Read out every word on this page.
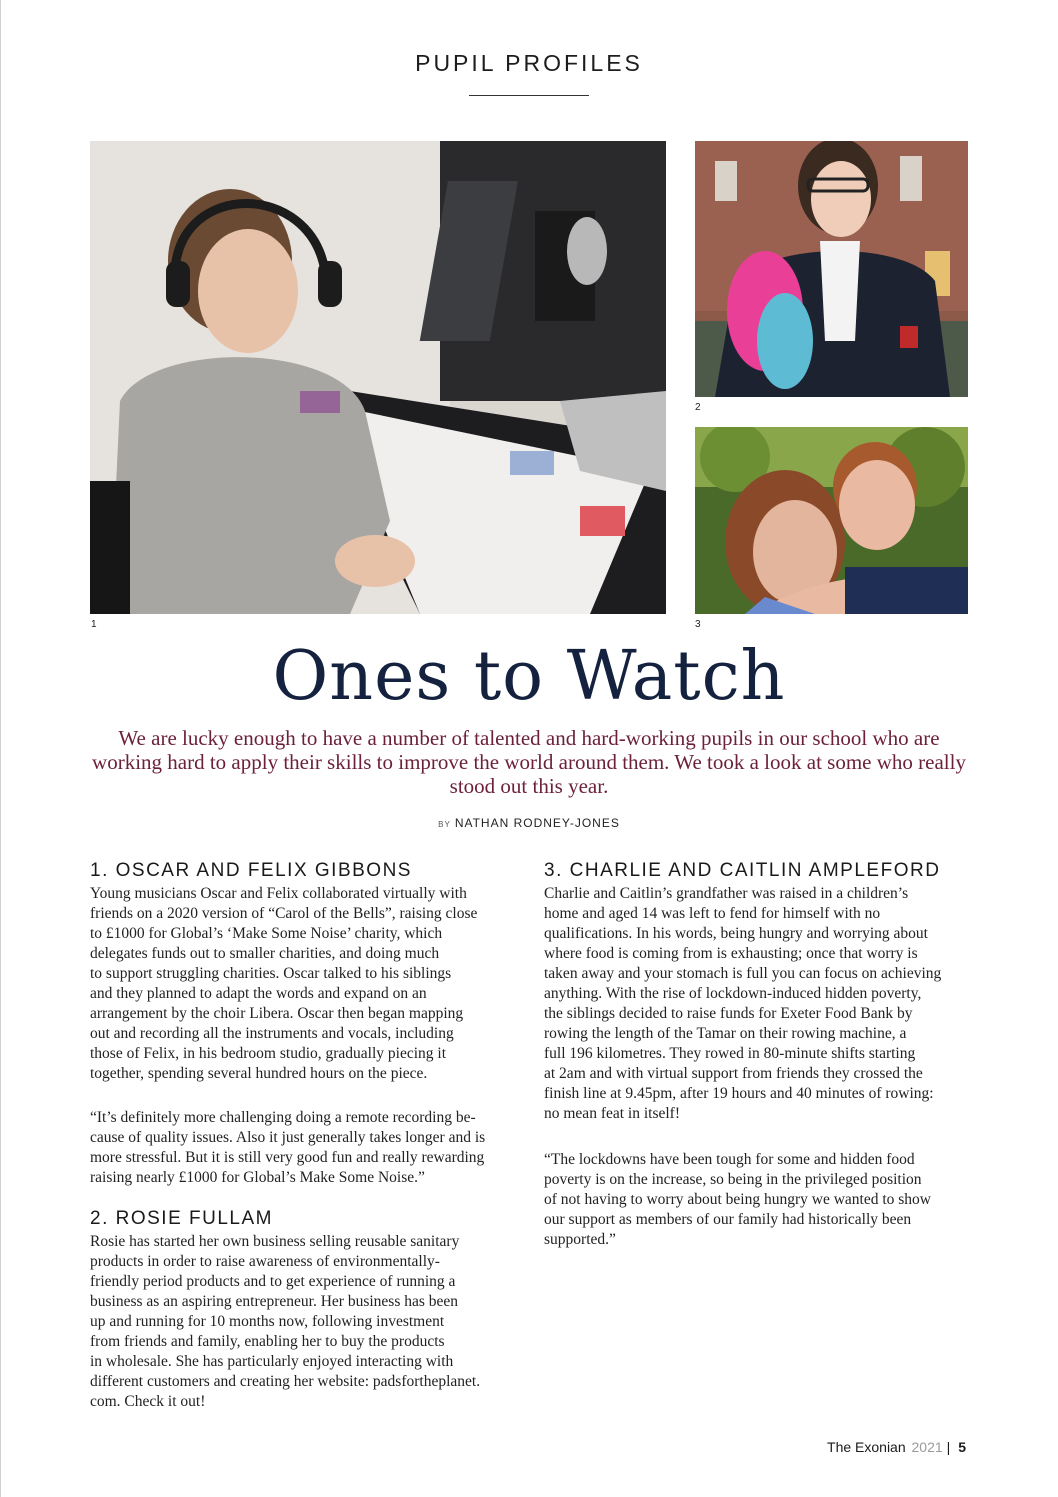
PUPIL PROFILES
1
2
3
Ones to Watch
We are lucky enough to have a number of talented and hard-working pupils in our school who are working hard to apply their skills to improve the world around them. We took a look at some who really stood out this year.
BY NATHAN RODNEY-JONES
1. OSCAR AND FELIX GIBBONS
Young musicians Oscar and Felix collaborated virtually with
friends on a 2020 version of “Carol of the Bells”, raising close
to £1000 for Global’s ‘Make Some Noise’ charity, which
delegates funds out to smaller charities, and doing much
to support struggling charities. Oscar talked to his siblings
and they planned to adapt the words and expand on an
arrangement by the choir Libera. Oscar then began mapping
out and recording all the instruments and vocals, including
those of Felix, in his bedroom studio, gradually piecing it
together, spending several hundred hours on the piece.
“It’s definitely more challenging doing a remote recording be-
cause of quality issues. Also it just generally takes longer and is
more stressful. But it is still very good fun and really rewarding
raising nearly £1000 for Global’s Make Some Noise.”
2. ROSIE FULLAM
Rosie has started her own business selling reusable sanitary
products in order to raise awareness of environmentally-
friendly period products and to get experience of running a
business as an aspiring entrepreneur. Her business has been
up and running for 10 months now, following investment
from friends and family, enabling her to buy the products
in wholesale. She has particularly enjoyed interacting with
different customers and creating her website: padsfortheplanet.
com. Check it out!
3. CHARLIE AND CAITLIN AMPLEFORD
Charlie and Caitlin’s grandfather was raised in a children’s
home and aged 14 was left to fend for himself with no
qualifications. In his words, being hungry and worrying about
where food is coming from is exhausting; once that worry is
taken away and your stomach is full you can focus on achieving
anything. With the rise of lockdown-induced hidden poverty,
the siblings decided to raise funds for Exeter Food Bank by
rowing the length of the Tamar on their rowing machine, a
full 196 kilometres. They rowed in 80-minute shifts starting
at 2am and with virtual support from friends they crossed the
finish line at 9.45pm, after 19 hours and 40 minutes of rowing:
no mean feat in itself!
“The lockdowns have been tough for some and hidden food
poverty is on the increase, so being in the privileged position
of not having to worry about being hungry we wanted to show
our support as members of our family had historically been
supported.”
The Exonian 2021 | 5
